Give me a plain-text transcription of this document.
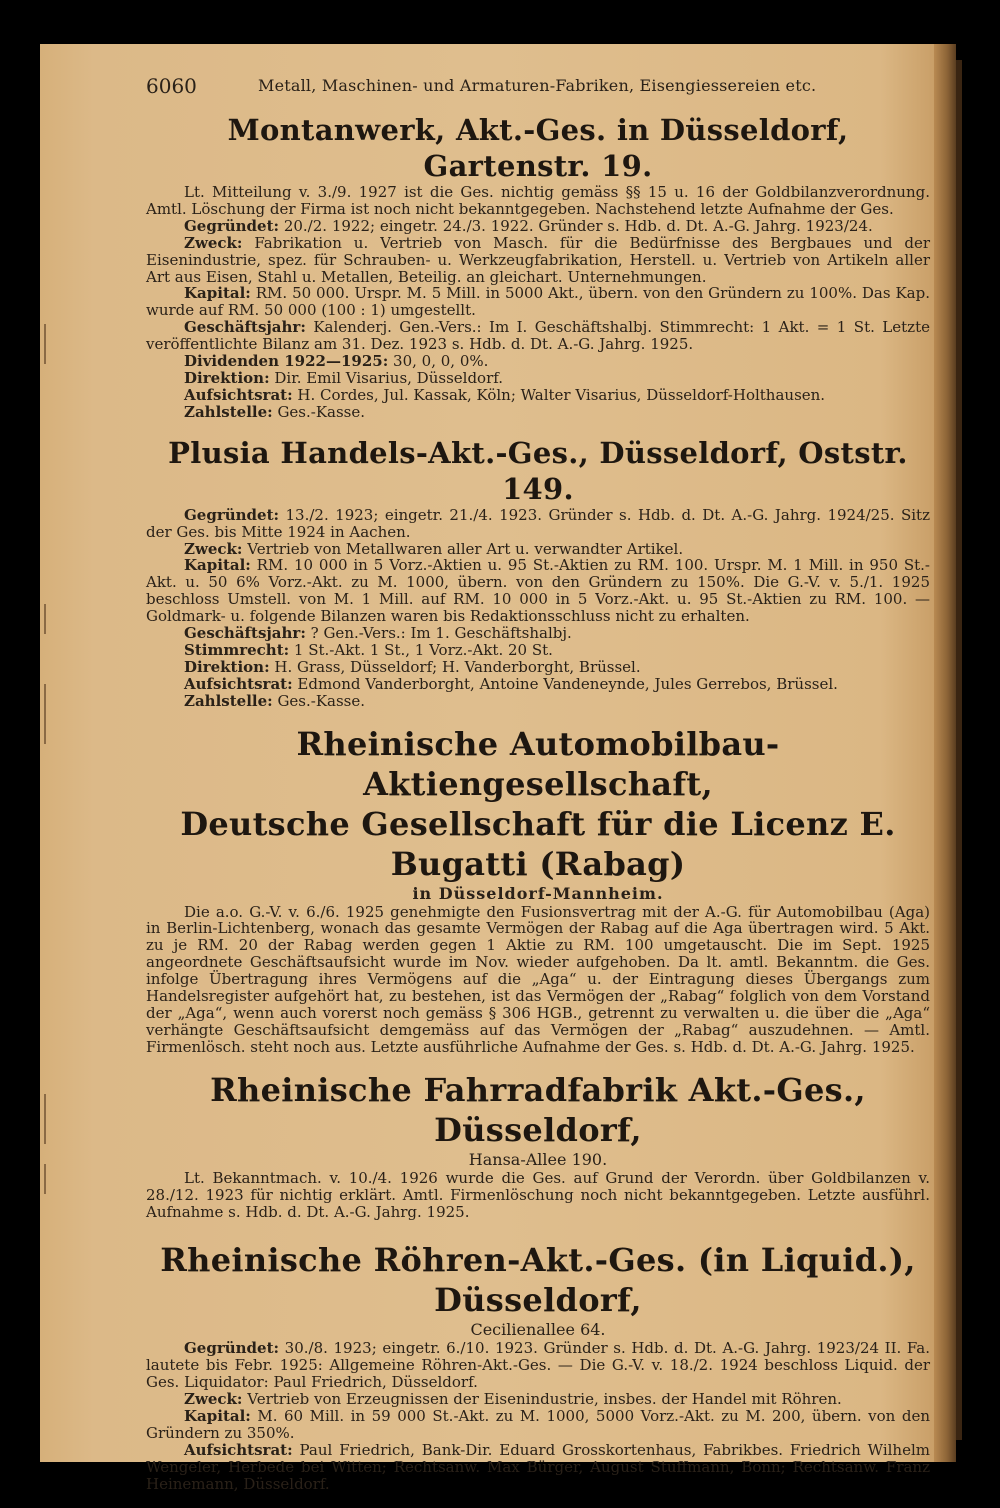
6060	Metall, Maschinen- und Armaturen-Fabriken, Eisengiessereien etc.
Montanwerk, Akt.-Ges. in Düsseldorf, Gartenstr. 19.

Lt. Mitteilung v. 3./9. 1927 ist die Ges. nichtig gemäss §§ 15 u. 16 der Goldbilanzverordnung. Amtl. Löschung der Firma ist noch nicht bekanntgegeben. Nachstehend letzte Aufnahme der Ges.

Gegründet: 20./2. 1922; eingetr. 24./3. 1922. Gründer s. Hdb. d. Dt. A.-G. Jahrg. 1923/24.

Zweck: Fabrikation u. Vertrieb von Masch. für die Bedürfnisse des Bergbaues und der Eisenindustrie, spez. für Schrauben- u. Werkzeugfabrikation, Herstell. u. Vertrieb von Artikeln aller Art aus Eisen, Stahl u. Metallen, Beteilig. an gleichart. Unternehmungen.

Kapital: RM. 50 000. Urspr. M. 5 Mill. in 5000 Akt., übern. von den Gründern zu 100%. Das Kap. wurde auf RM. 50 000 (100 : 1) umgestellt.

Geschäftsjahr: Kalenderj. Gen.-Vers.: Im I. Geschäftshalbj. Stimmrecht: 1 Akt. = 1 St. Letzte veröffentlichte Bilanz am 31. Dez. 1923 s. Hdb. d. Dt. A.-G. Jahrg. 1925.

Dividenden 1922—1925: 30, 0, 0, 0%.

Direktion: Dir. Emil Visarius, Düsseldorf.

Aufsichtsrat: H. Cordes, Jul. Kassak, Köln; Walter Visarius, Düsseldorf-Holthausen.

Zahlstelle: Ges.-Kasse.

Plusia Handels-Akt.-Ges., Düsseldorf, Oststr. 149.

Gegründet: 13./2. 1923; eingetr. 21./4. 1923. Gründer s. Hdb. d. Dt. A.-G. Jahrg. 1924/25. Sitz der Ges. bis Mitte 1924 in Aachen.

Zweck: Vertrieb von Metallwaren aller Art u. verwandter Artikel.

Kapital: RM. 10 000 in 5 Vorz.-Aktien u. 95 St.-Aktien zu RM. 100. Urspr. M. 1 Mill. in 950 St.-Akt. u. 50 6% Vorz.-Akt. zu M. 1000, übern. von den Gründern zu 150%. Die G.-V. v. 5./1. 1925 beschloss Umstell. von M. 1 Mill. auf RM. 10 000 in 5 Vorz.-Akt. u. 95 St.-Aktien zu RM. 100. — Goldmark- u. folgende Bilanzen waren bis Redaktionsschluss nicht zu erhalten.

Geschäftsjahr: ? Gen.-Vers.: Im 1. Geschäftshalbj.

Stimmrecht: 1 St.-Akt. 1 St., 1 Vorz.-Akt. 20 St.

Direktion: H. Grass, Düsseldorf; H. Vanderborght, Brüssel.

Aufsichtsrat: Edmond Vanderborght, Antoine Vandeneynde, Jules Gerrebos, Brüssel.

Zahlstelle: Ges.-Kasse.

Rheinische Automobilbau-Aktiengesellschaft,
Deutsche Gesellschaft für die Licenz E. Bugatti (Rabag)
in Düsseldorf-Mannheim.

Die a.o. G.-V. v. 6./6. 1925 genehmigte den Fusionsvertrag mit der A.-G. für Automobilbau (Aga) in Berlin-Lichtenberg, wonach das gesamte Vermögen der Rabag auf die Aga übertragen wird. 5 Akt. zu je RM. 20 der Rabag werden gegen 1 Aktie zu RM. 100 umgetauscht. Die im Sept. 1925 angeordnete Geschäftsaufsicht wurde im Nov. wieder aufgehoben. Da lt. amtl. Bekanntm. die Ges. infolge Übertragung ihres Vermögens auf die „Aga“ u. der Eintragung dieses Übergangs zum Handelsregister aufgehört hat, zu bestehen, ist das Vermögen der „Rabag“ folglich von dem Vorstand der „Aga“, wenn auch vorerst noch gemäss § 306 HGB., getrennt zu verwalten u. die über die „Aga“ verhängte Geschäftsaufsicht demgemäss auf das Vermögen der „Rabag“ auszudehnen. — Amtl. Firmenlösch. steht noch aus. Letzte ausführliche Aufnahme der Ges. s. Hdb. d. Dt. A.-G. Jahrg. 1925.

Rheinische Fahrradfabrik Akt.-Ges., Düsseldorf,
Hansa-Allee 190.

Lt. Bekanntmach. v. 10./4. 1926 wurde die Ges. auf Grund der Verordn. über Goldbilanzen v. 28./12. 1923 für nichtig erklärt. Amtl. Firmenlöschung noch nicht bekanntgegeben. Letzte ausführl. Aufnahme s. Hdb. d. Dt. A.-G. Jahrg. 1925.

Rheinische Röhren-Akt.-Ges. (in Liquid.), Düsseldorf,
Cecilienallee 64.

Gegründet: 30./8. 1923; eingetr. 6./10. 1923. Gründer s. Hdb. d. Dt. A.-G. Jahrg. 1923/24 II. Fa. lautete bis Febr. 1925: Allgemeine Röhren-Akt.-Ges. — Die G.-V. v. 18./2. 1924 beschloss Liquid. der Ges. Liquidator: Paul Friedrich, Düsseldorf.

Zweck: Vertrieb von Erzeugnissen der Eisenindustrie, insbes. der Handel mit Röhren.

Kapital: M. 60 Mill. in 59 000 St.-Akt. zu M. 1000, 5000 Vorz.-Akt. zu M. 200, übern. von den Gründern zu 350%.

Aufsichtsrat: Paul Friedrich, Bank-Dir. Eduard Grosskortenhaus, Fabrikbes. Friedrich Wilhelm Wengeler, Herbede bei Witten; Rechtsanw. Max Bürger, August Stuffmann, Bonn; Rechtsanw. Franz Heinemann, Düsseldorf.
